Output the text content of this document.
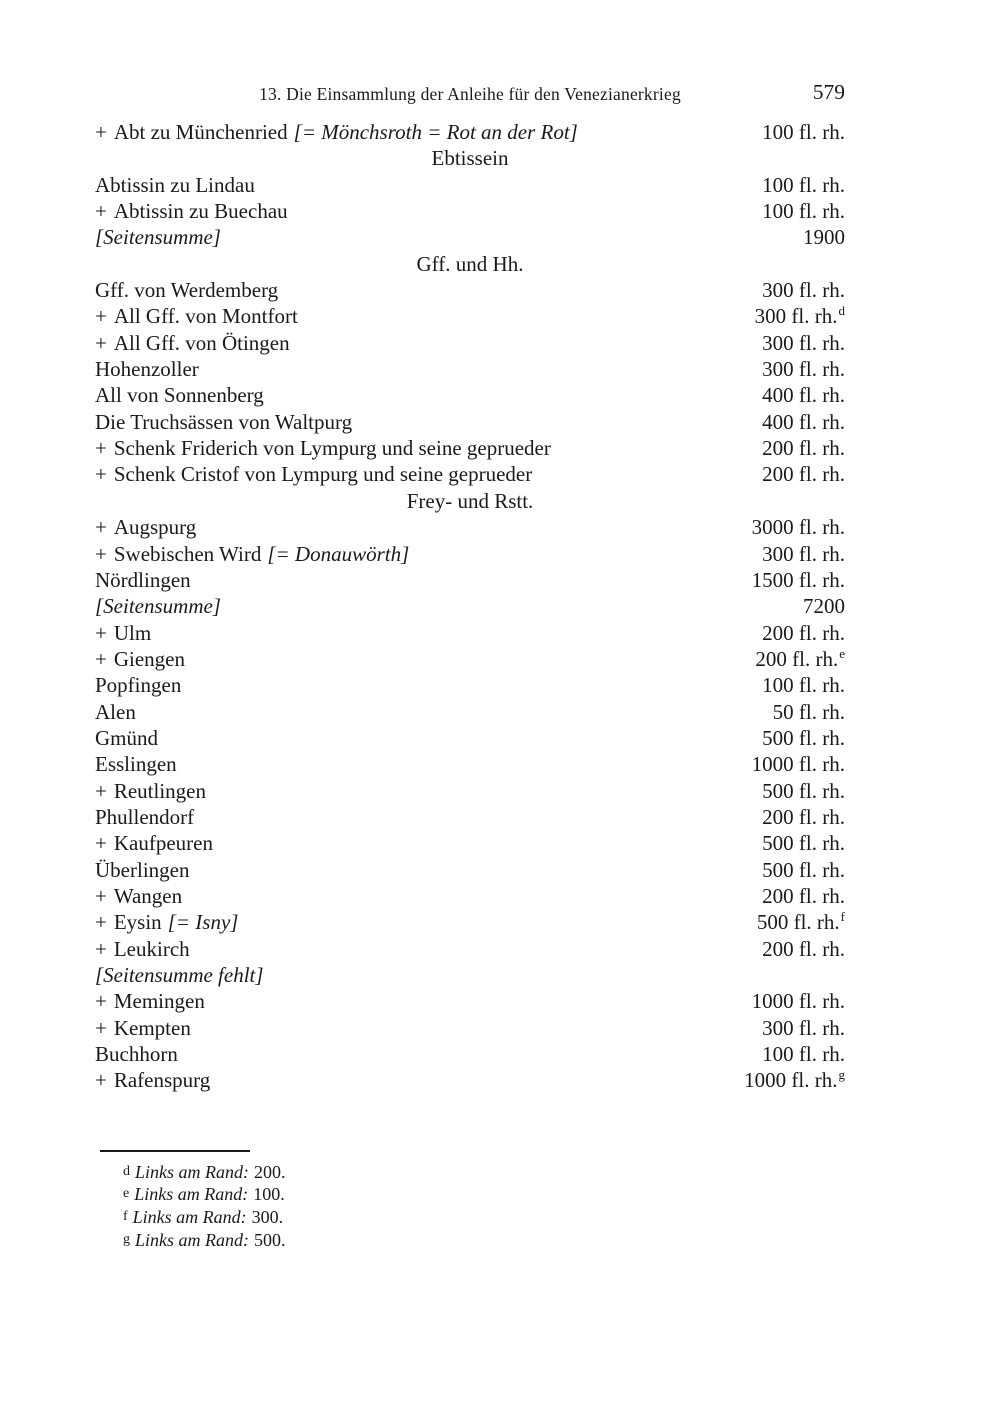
13. Die Einsammlung der Anleihe für den Venezianerkrieg	579
+ Abt zu Münchenried [= Mönchsroth = Rot an der Rot]	100 fl. rh.
Ebtissein
Abtissin zu Lindau	100 fl. rh.
+ Abtissin zu Buechau	100 fl. rh.
[Seitensumme]	1900
Gff. und Hh.
Gff. von Werdemberg	300 fl. rh.
+ All Gff. von Montfort	300 fl. rh.$^d$
+ All Gff. von Ötingen	300 fl. rh.
Hohenzoller	300 fl. rh.
All von Sonnenberg	400 fl. rh.
Die Truchsässen von Waltpurg	400 fl. rh.
+ Schenk Friderich von Lympurg und seine geprueder	200 fl. rh.
+ Schenk Cristof von Lympurg und seine geprueder	200 fl. rh.
Frey- und Rstt.
+ Augspurg	3000 fl. rh.
+ Swebischen Wird [= Donauwörth]	300 fl. rh.
Nördlingen	1500 fl. rh.
[Seitensumme]	7200
+ Ulm	200 fl. rh.
+ Giengen	200 fl. rh.$^e$
Popfingen	100 fl. rh.
Alen	50 fl. rh.
Gmünd	500 fl. rh.
Esslingen	1000 fl. rh.
+ Reutlingen	500 fl. rh.
Phullendorf	200 fl. rh.
+ Kaufpeuren	500 fl. rh.
Überlingen	500 fl. rh.
+ Wangen	200 fl. rh.
+ Eysin [= Isny]	500 fl. rh.$^f$
+ Leukirch	200 fl. rh.
[Seitensumme fehlt]
+ Memingen	1000 fl. rh.
+ Kempten	300 fl. rh.
Buchhorn	100 fl. rh.
+ Rafenspurg	1000 fl. rh.$^g$
d Links am Rand: 200.
e Links am Rand: 100.
f Links am Rand: 300.
g Links am Rand: 500.
